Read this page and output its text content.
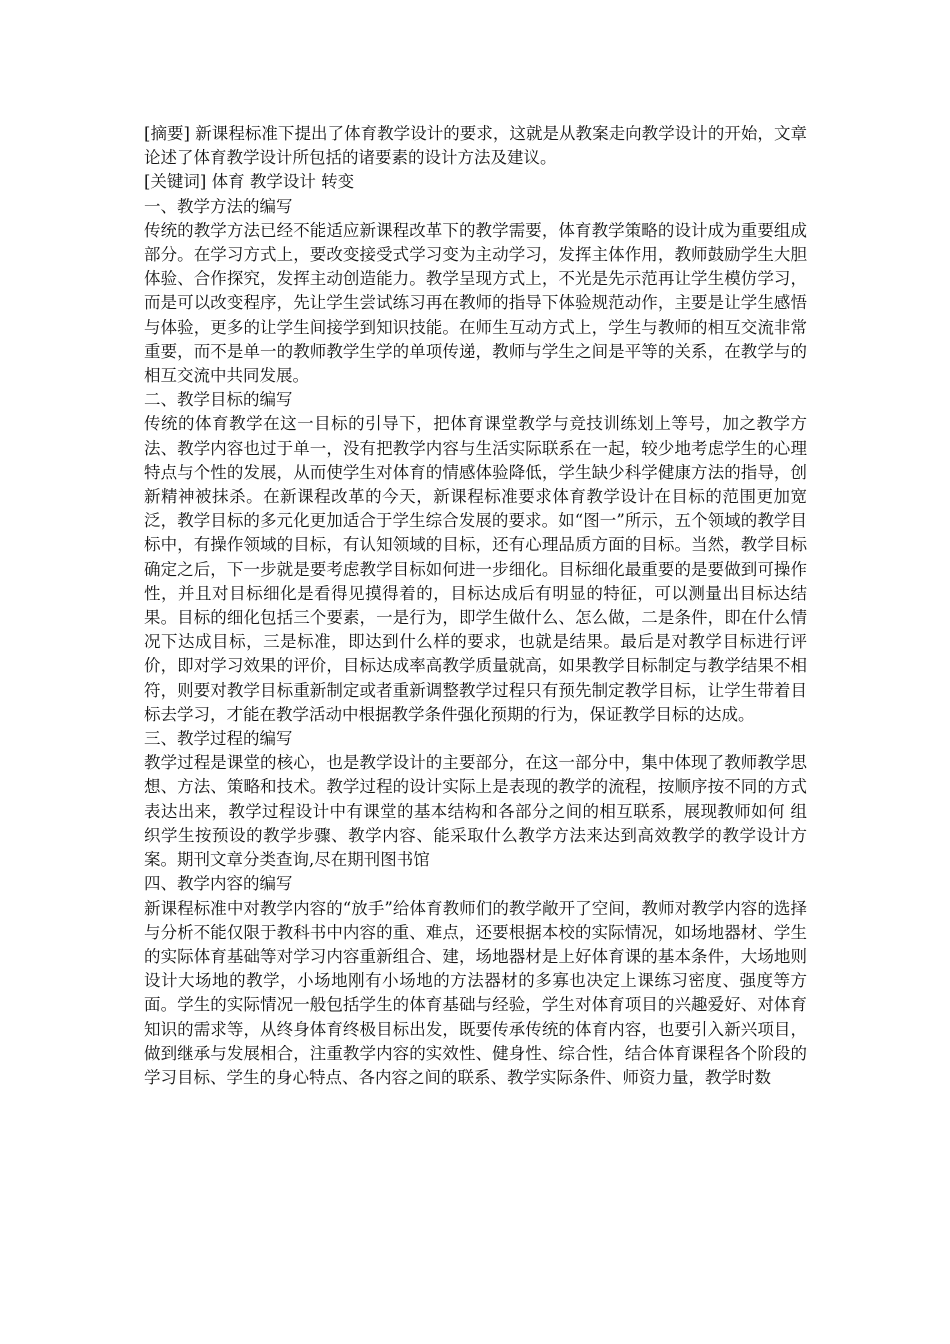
[摘要] 新课程标准下提出了体育教学设计的要求，这就是从教案走向教学设计的开始，文章论述了体育教学设计所包括的诸要素的设计方法及建议。

[关键词] 体育 教学设计 转变

一、教学方法的编写

传统的教学方法已经不能适应新课程改革下的教学需要，体育教学策略的设计成为重要组成部分。在学习方式上，要改变接受式学习变为主动学习，发挥主体作用，教师鼓励学生大胆体验、合作探究，发挥主动创造能力。教学呈现方式上，不光是先示范再让学生模仿学习，而是可以改变程序，先让学生尝试练习再在教师的指导下体验规范动作，主要是让学生感悟与体验，更多的让学生间接学到知识技能。在师生互动方式上，学生与教师的相互交流非常重要，而不是单一的教师教学生学的单项传递，教师与学生之间是平等的关系，在教学与的相互交流中共同发展。

二、教学目标的编写

传统的体育教学在这一目标的引导下，把体育课堂教学与竞技训练划上等号，加之教学方法、教学内容也过于单一，没有把教学内容与生活实际联系在一起，较少地考虑学生的心理特点与个性的发展，从而使学生对体育的情感体验降低，学生缺少科学健康方法的指导，创新精神被抹杀。在新课程改革的今天，新课程标准要求体育教学设计在目标的范围更加宽泛，教学目标的多元化更加适合于学生综合发展的要求。如“图一”所示，五个领域的教学目标中，有操作领域的目标，有认知领域的目标，还有心理品质方面的目标。当然，教学目标确定之后，下一步就是要考虑教学目标如何进一步细化。目标细化最重要的是要做到可操作性，并且对目标细化是看得见摸得着的，目标达成后有明显的特征，可以测量出目标达结果。目标的细化包括三个要素，一是行为，即学生做什么、怎么做，二是条件，即在什么情况下达成目标，三是标准，即达到什么样的要求，也就是结果。最后是对教学目标进行评价，即对学习效果的评价，目标达成率高教学质量就高，如果教学目标制定与教学结果不相符，则要对教学目标重新制定或者重新调整教学过程只有预先制定教学目标，让学生带着目标去学习，才能在教学活动中根据教学条件强化预期的行为，保证教学目标的达成。

三、教学过程的编写

教学过程是课堂的核心，也是教学设计的主要部分，在这一部分中，集中体现了教师教学思想、方法、策略和技术。教学过程的设计实际上是表现的教学的流程，按顺序按不同的方式表达出来，教学过程设计中有课堂的基本结构和各部分之间的相互联系，展现教师如何 组织学生按预设的教学步骤、教学内容、能采取什么教学方法来达到高效教学的教学设计方案。期刊文章分类查询,尽在期刊图书馆

四、教学内容的编写

新课程标准中对教学内容的“放手”给体育教师们的教学敞开了空间，教师对教学内容的选择与分析不能仅限于教科书中内容的重、难点，还要根据本校的实际情况，如场地器材、学生的实际体育基础等对学习内容重新组合、建，场地器材是上好体育课的基本条件，大场地则设计大场地的教学，小场地刚有小场地的方法器材的多寡也决定上课练习密度、强度等方面。学生的实际情况一般包括学生的体育基础与经验，学生对体育项目的兴趣爱好、对体育知识的需求等，从终身体育终极目标出发，既要传承传统的体育内容，也要引入新兴项目，做到继承与发展相合，注重教学内容的实效性、健身性、综合性，结合体育课程各个阶段的学习目标、学生的身心特点、各内容之间的联系、教学实际条件、师资力量，教学时数
